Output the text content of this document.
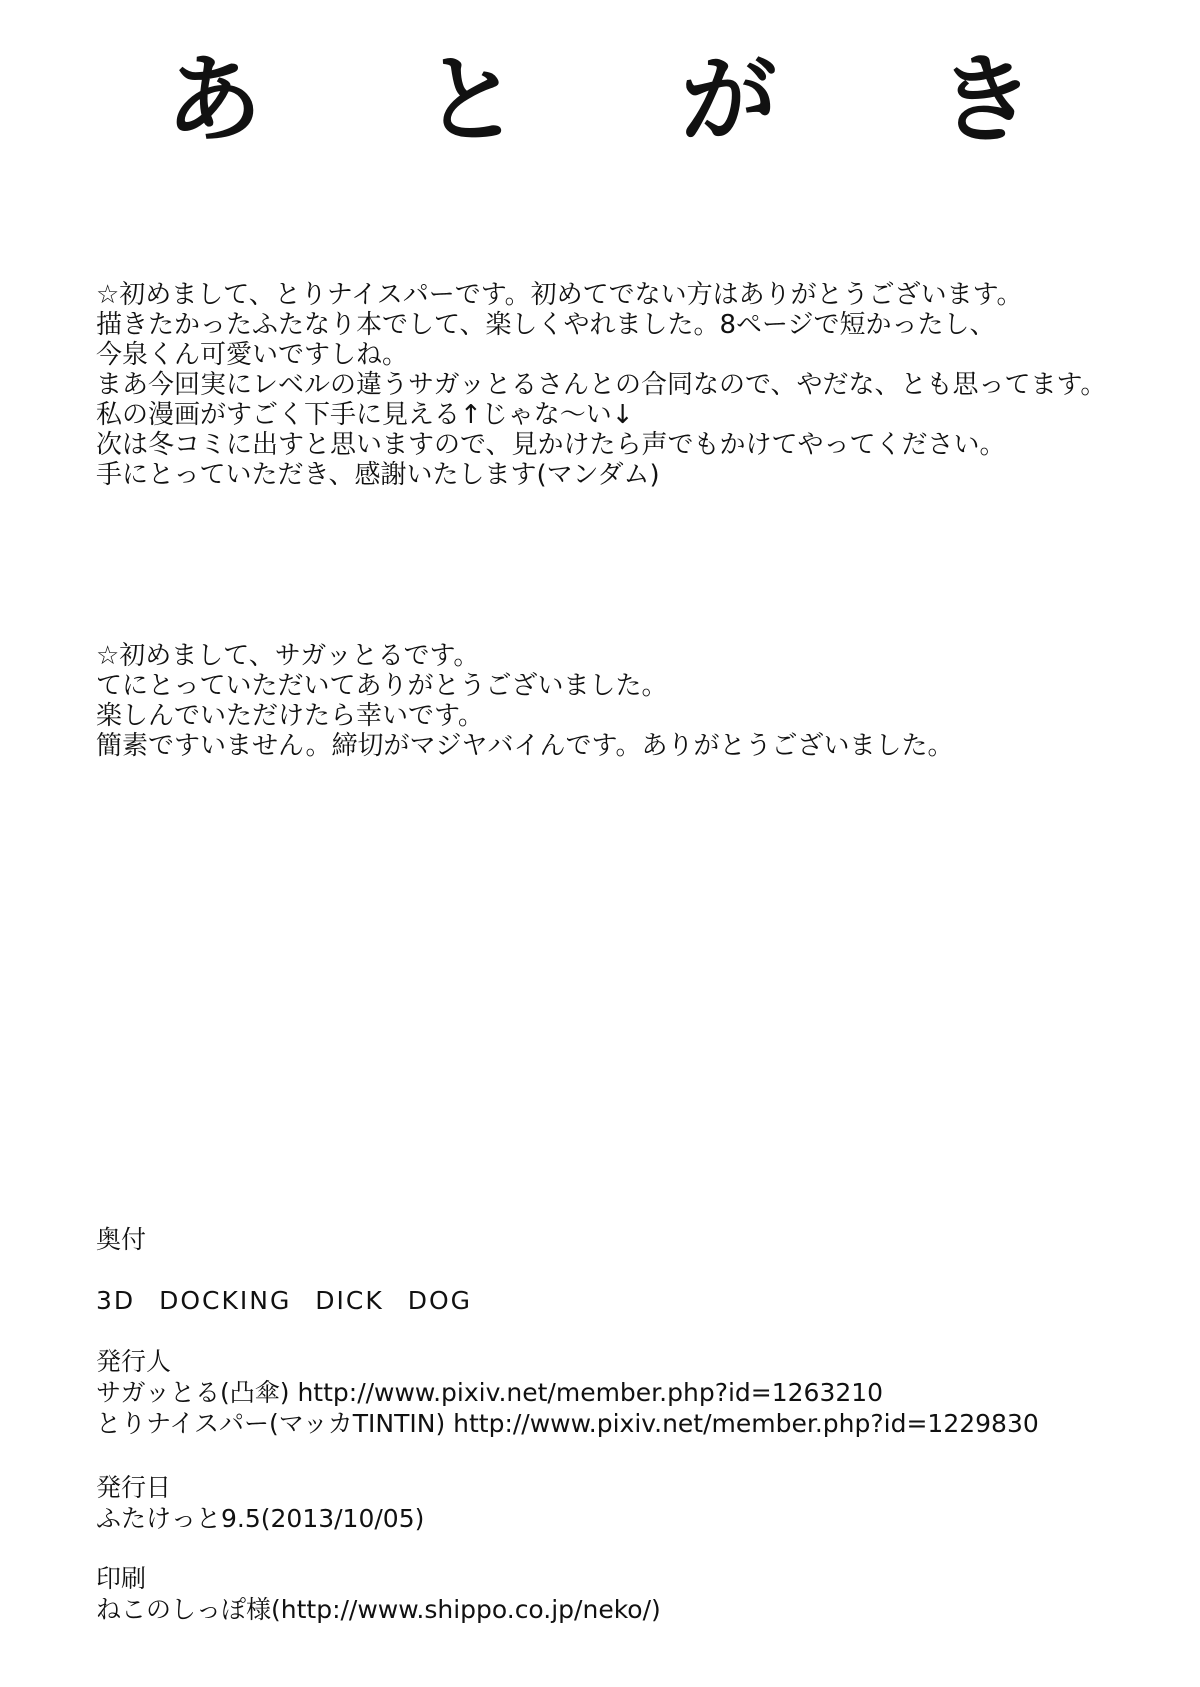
あ と が き
☆初めまして、とりナイスパーです。初めてでない方はありがとうございます。
描きたかったふたなり本でして、楽しくやれました。8ページで短かったし、
今泉くん可愛いですしね。
まあ今回実にレベルの違うサガッとるさんとの合同なので、やだな、とも思ってます。
私の漫画がすごく下手に見える↑じゃな〜い↓
次は冬コミに出すと思いますので、見かけたら声でもかけてやってください。
手にとっていただき、感謝いたします(マンダム)
☆初めまして、サガッとるです。
てにとっていただいてありがとうございました。
楽しんでいただけたら幸いです。
簡素ですいません。締切がマジヤバイんです。ありがとうございました。
奥付
3D DOCKING DICK DOG
発行人
サガッとる(凸傘) http://www.pixiv.net/member.php?id=1263210
とりナイスパー(マッカTINTIN) http://www.pixiv.net/member.php?id=1229830
発行日
ふたけっと9.5(2013/10/05)
印刷
ねこのしっぽ様(http://www.shippo.co.jp/neko/)
